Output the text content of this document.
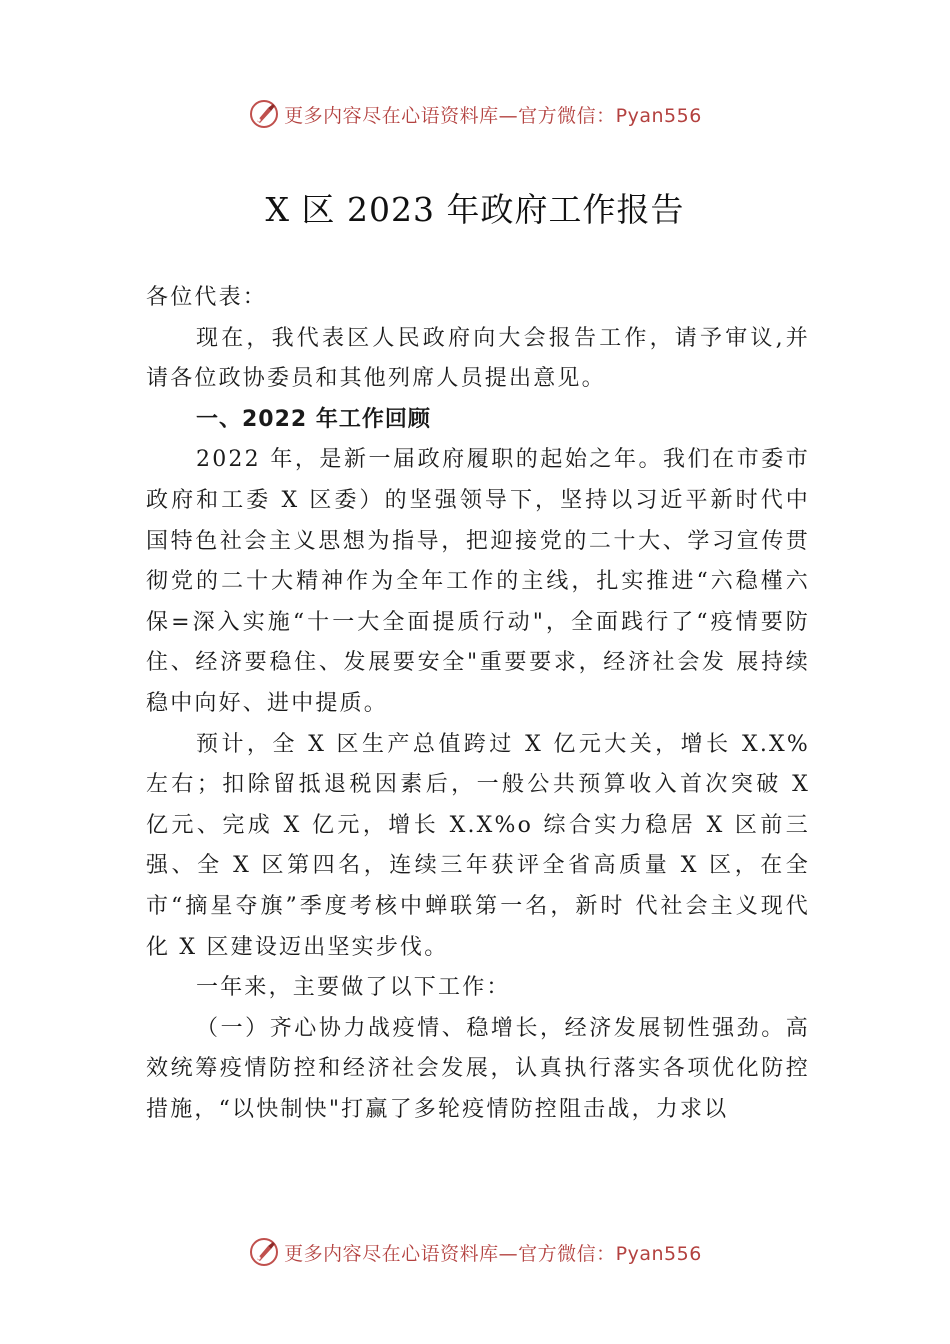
更多内容尽在心语资料库—官方微信：Pyan556
X 区 2023 年政府工作报告

各位代表：

现在，我代表区人民政府向大会报告工作，请予审议,并请各位政协委员和其他列席人员提出意见。

一、2022 年工作回顾

2022 年，是新一届政府履职的起始之年。我们在市委市政府和工委 X 区委）的坚强领导下，坚持以习近平新时代中国特色社会主义思想为指导，把迎接党的二十大、学习宣传贯彻党的二十大精神作为全年工作的主线，扎实推进“六稳槿六保=深入实施“十一大全面提质行动"，全面践行了“疫情要防住、经济要稳住、发展要安全"重要要求，经济社会发 展持续稳中向好、进中提质。

预计，全 X 区生产总值跨过 X 亿元大关，增长 X.X% 左右；扣除留抵退税因素后，一般公共预算收入首次突破 X 亿元、完成 X 亿元，增长 X.X%o 综合实力稳居 X 区前三强、全 X 区第四名，连续三年获评全省高质量 X 区，在全市“摘星夺旗”季度考核中蝉联第一名，新时 代社会主义现代化 X 区建设迈出坚实步伐。

一年来，主要做了以下工作：

（一）齐心协力战疫情、稳增长，经济发展韧性强劲。高效统筹疫情防控和经济社会发展，认真执行落实各项优化防控措施，“以快制快"打赢了多轮疫情防控阻击战，力求以

更多内容尽在心语资料库—官方微信：Pyan556
